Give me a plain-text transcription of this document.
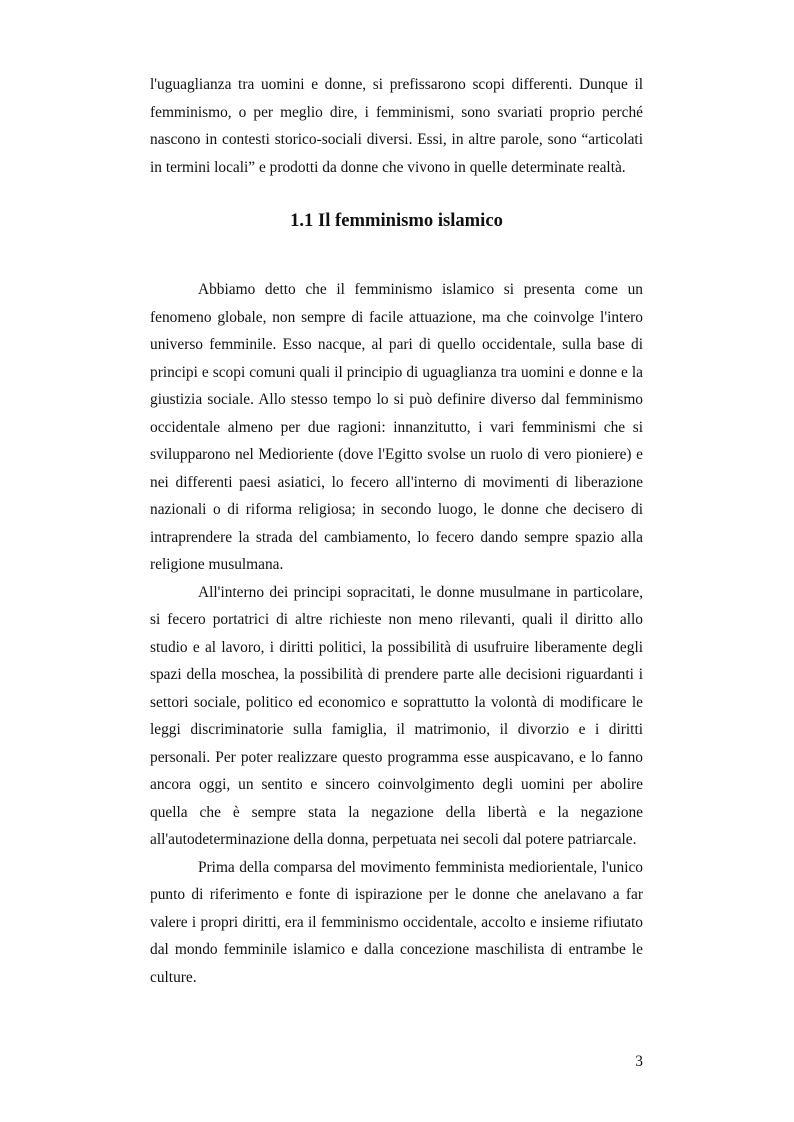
l'uguaglianza tra uomini e donne, si prefissarono scopi differenti. Dunque il femminismo, o per meglio dire, i femminismi, sono svariati proprio perché nascono in contesti storico-sociali diversi. Essi, in altre parole, sono “articolati in termini locali” e prodotti da donne che vivono in quelle determinate realtà.

1.1 Il femminismo islamico

Abbiamo detto che il femminismo islamico si presenta come un fenomeno globale, non sempre di facile attuazione, ma che coinvolge l'intero universo femminile. Esso nacque, al pari di quello occidentale, sulla base di principi e scopi comuni quali il principio di uguaglianza tra uomini e donne e la giustizia sociale. Allo stesso tempo lo si può definire diverso dal femminismo occidentale almeno per due ragioni: innanzitutto, i vari femminismi che si svilupparono nel Medioriente (dove l'Egitto svolse un ruolo di vero pioniere) e nei differenti paesi asiatici, lo fecero all'interno di movimenti di liberazione nazionali o di riforma religiosa; in secondo luogo, le donne che decisero di intraprendere la strada del cambiamento, lo fecero dando sempre spazio alla religione musulmana.

All'interno dei principi sopracitati, le donne musulmane in particolare, si fecero portatrici di altre richieste non meno rilevanti, quali il diritto allo studio e al lavoro, i diritti politici, la possibilità di usufruire liberamente degli spazi della moschea, la possibilità di prendere parte alle decisioni riguardanti i settori sociale, politico ed economico e soprattutto la volontà di modificare le leggi discriminatorie sulla famiglia, il matrimonio, il divorzio e i diritti personali. Per poter realizzare questo programma esse auspicavano, e lo fanno ancora oggi, un sentito e sincero coinvolgimento degli uomini per abolire quella che è sempre stata la negazione della libertà e la negazione all'autodeterminazione della donna, perpetuata nei secoli dal potere patriarcale.

Prima della comparsa del movimento femminista mediorientale, l'unico punto di riferimento e fonte di ispirazione per le donne che anelavano a far valere i propri diritti, era il femminismo occidentale, accolto e insieme rifiutato dal mondo femminile islamico e dalla concezione maschilista di entrambe le culture.

3
